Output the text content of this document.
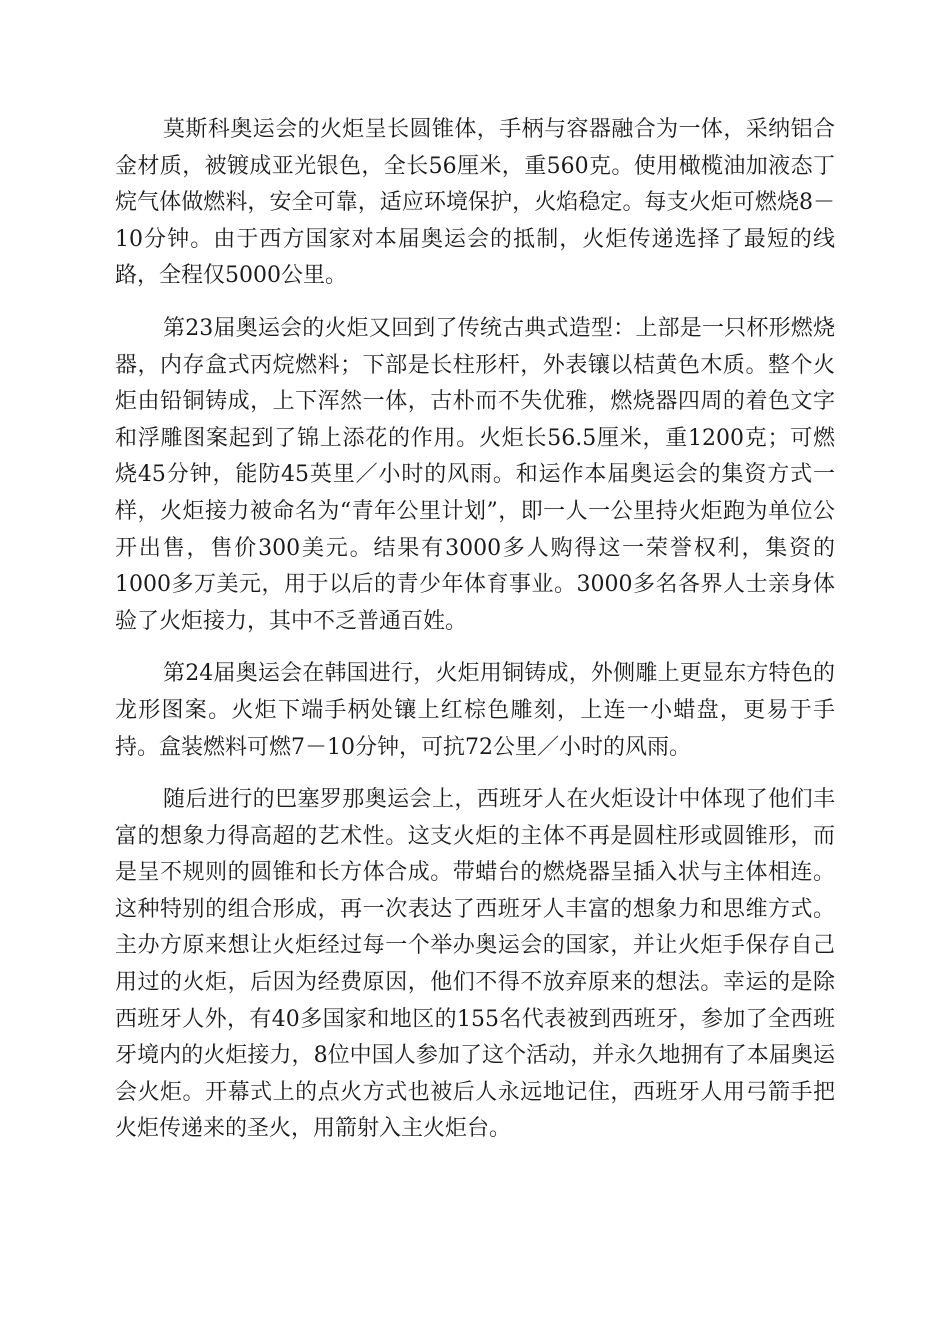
莫斯科奥运会的火炬呈长圆锥体，手柄与容器融合为一体，采纳铝合金材质，被镀成亚光银色，全长56厘米，重560克。使用橄榄油加液态丁烷气体做燃料，安全可靠，适应环境保护，火焰稳定。每支火炬可燃烧8－10分钟。由于西方国家对本届奥运会的抵制，火炬传递选择了最短的线路，全程仅5000公里。

第23届奥运会的火炬又回到了传统古典式造型：上部是一只杯形燃烧器，内存盒式丙烷燃料；下部是长柱形杆，外表镶以桔黄色木质。整个火炬由铅铜铸成，上下浑然一体，古朴而不失优雅，燃烧器四周的着色文字和浮雕图案起到了锦上添花的作用。火炬长56.5厘米，重1200克；可燃烧45分钟，能防45英里／小时的风雨。和运作本届奥运会的集资方式一样，火炬接力被命名为“青年公里计划”，即一人一公里持火炬跑为单位公开出售，售价300美元。结果有3000多人购得这一荣誉权利，集资的1000多万美元，用于以后的青少年体育事业。3000多名各界人士亲身体验了火炬接力，其中不乏普通百姓。

第24届奥运会在韩国进行，火炬用铜铸成，外侧雕上更显东方特色的龙形图案。火炬下端手柄处镶上红棕色雕刻，上连一小蜡盘，更易于手持。盒装燃料可燃7－10分钟，可抗72公里／小时的风雨。

随后进行的巴塞罗那奥运会上，西班牙人在火炬设计中体现了他们丰富的想象力得高超的艺术性。这支火炬的主体不再是圆柱形或圆锥形，而是呈不规则的圆锥和长方体合成。带蜡台的燃烧器呈插入状与主体相连。这种特别的组合形成，再一次表达了西班牙人丰富的想象力和思维方式。主办方原来想让火炬经过每一个举办奥运会的国家，并让火炬手保存自己用过的火炬，后因为经费原因，他们不得不放弃原来的想法。幸运的是除西班牙人外，有40多国家和地区的155名代表被到西班牙，参加了全西班牙境内的火炬接力，8位中国人参加了这个活动，并永久地拥有了本届奥运会火炬。开幕式上的点火方式也被后人永远地记住，西班牙人用弓箭手把火炬传递来的圣火，用箭射入主火炬台。
